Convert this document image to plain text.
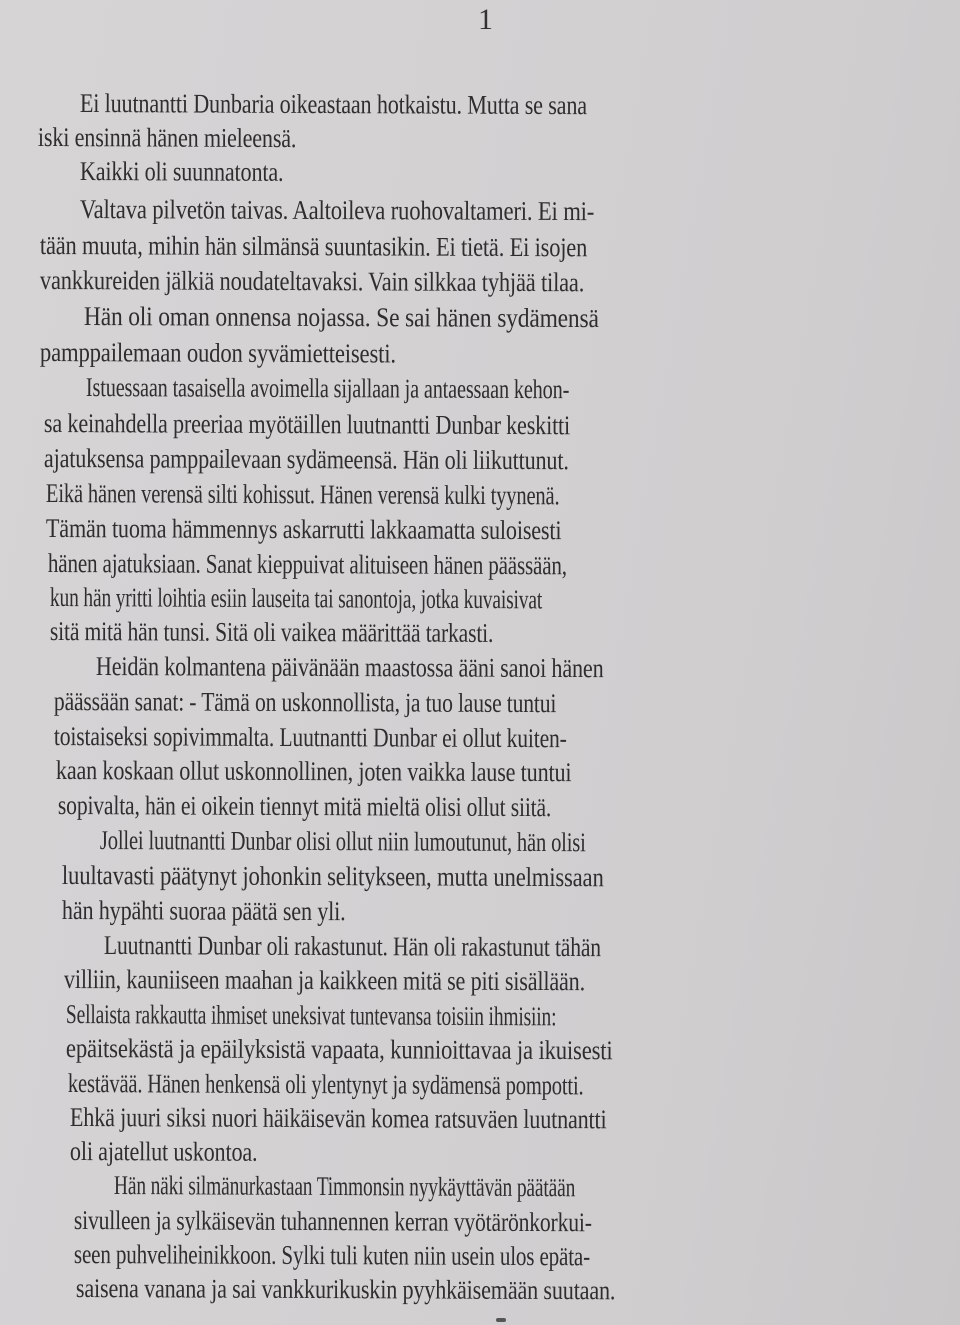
1
Ei luutnantti Dunbaria oikeastaan hotkaistu. Mutta se sana
iski ensinnä hänen mieleensä.
Kaikki oli suunnatonta.
Valtava pilvetön taivas. Aaltoileva ruohovaltameri. Ei mi-
tään muuta, mihin hän silmänsä suuntasikin. Ei tietä. Ei isojen
vankkureiden jälkiä noudateltavaksi. Vain silkkaa tyhjää tilaa.
Hän oli oman onnensa nojassa. Se sai hänen sydämensä
pamppailemaan oudon syvämietteisesti.
Istuessaan tasaisella avoimella sijallaan ja antaessaan kehon-
sa keinahdella preeriaa myötäillen luutnantti Dunbar keskitti
ajatuksensa pamppailevaan sydämeensä. Hän oli liikuttunut.
Eikä hänen verensä silti kohissut. Hänen verensä kulki tyynenä.
Tämän tuoma hämmennys askarrutti lakkaamatta suloisesti
hänen ajatuksiaan. Sanat kieppuivat alituiseen hänen päässään,
kun hän yritti loihtia esiin lauseita tai sanontoja, jotka kuvaisivat
sitä mitä hän tunsi. Sitä oli vaikea määrittää tarkasti.
Heidän kolmantena päivänään maastossa ääni sanoi hänen
päässään sanat: - Tämä on uskonnollista, ja tuo lause tuntui
toistaiseksi sopivimmalta. Luutnantti Dunbar ei ollut kuiten-
kaan koskaan ollut uskonnollinen, joten vaikka lause tuntui
sopivalta, hän ei oikein tiennyt mitä mieltä olisi ollut siitä.
Jollei luutnantti Dunbar olisi ollut niin lumoutunut, hän olisi
luultavasti päätynyt johonkin selitykseen, mutta unelmissaan
hän hypähti suoraa päätä sen yli.
Luutnantti Dunbar oli rakastunut. Hän oli rakastunut tähän
villiin, kauniiseen maahan ja kaikkeen mitä se piti sisällään.
Sellaista rakkautta ihmiset uneksivat tuntevansa toisiin ihmisiin:
epäitsekästä ja epäilyksistä vapaata, kunnioittavaa ja ikuisesti
kestävää. Hänen henkensä oli ylentynyt ja sydämensä pompotti.
Ehkä juuri siksi nuori häikäisevän komea ratsuväen luutnantti
oli ajatellut uskontoa.
Hän näki silmänurkastaan Timmonsin nyykäyttävän päätään
sivulleen ja sylkäisevän tuhannennen kerran vyötärönkorkui-
seen puhveliheinikkoon. Sylki tuli kuten niin usein ulos epäta-
saisena vanana ja sai vankkurikuskin pyyhkäisemään suutaan.
